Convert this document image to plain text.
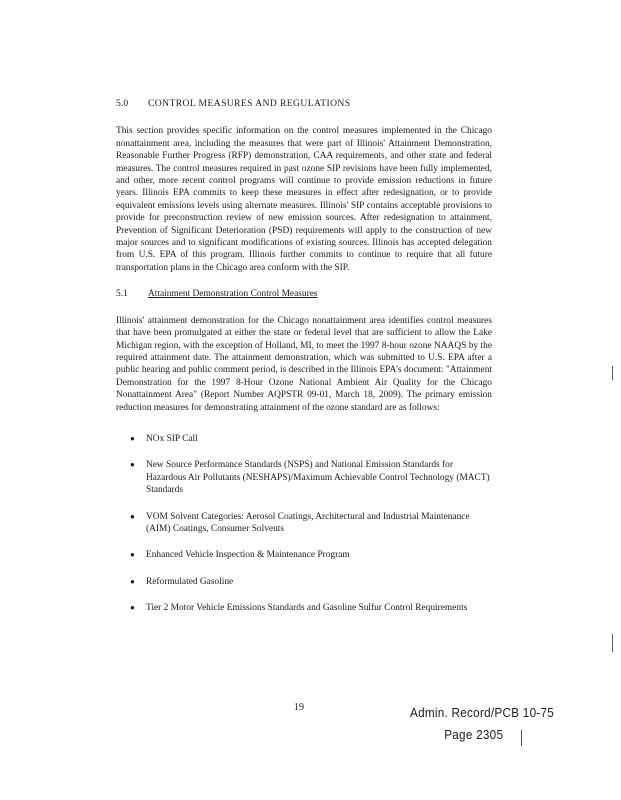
5.0	CONTROL MEASURES AND REGULATIONS

This section provides specific information on the control measures implemented in the Chicago nonattainment area, including the measures that were part of Illinois' Attainment Demonstration, Reasonable Further Progress (RFP) demonstration, CAA requirements, and other state and federal measures. The control measures required in past ozone SIP revisions have been fully implemented, and other, more recent control programs will continue to provide emission reductions in future years. Illinois EPA commits to keep these measures in effect after redesignation, or to provide equivalent emissions levels using alternate measures. Illinois' SIP contains acceptable provisions to provide for preconstruction review of new emission sources. After redesignation to attainment, Prevention of Significant Deterioration (PSD) requirements will apply to the construction of new major sources and to significant modifications of existing sources. Illinois has accepted delegation from U.S. EPA of this program. Illinois further commits to continue to require that all future transportation plans in the Chicago area conform with the SIP.

5.1	Attainment Demonstration Control Measures

Illinois' attainment demonstration for the Chicago nonattainment area identifies control measures that have been promulgated at either the state or federal level that are sufficient to allow the Lake Michigan region, with the exception of Holland, MI, to meet the 1997 8-hour ozone NAAQS by the required attainment date. The attainment demonstration, which was submitted to U.S. EPA after a public hearing and public comment period, is described in the Illinois EPA's document: "Attainment Demonstration for the 1997 8-Hour Ozone National Ambient Air Quality for the Chicago Nonattainment Area" (Report Number AQPSTR 09-01, March 18, 2009). The primary emission reduction measures for demonstrating attainment of the ozone standard are as follows:

●	NOx SIP Call
●	New Source Performance Standards (NSPS) and National Emission Standards for Hazardous Air Pollutants (NESHAPS)/Maximum Achievable Control Technology (MACT) Standards
●	VOM Solvent Categories: Aerosol Coatings, Architectural and Industrial Maintenance (AIM) Coatings, Consumer Solvents
●	Enhanced Vehicle Inspection & Maintenance Program
●	Reformulated Gasoline
●	Tier 2 Motor Vehicle Emissions Standards and Gasoline Sulfur Control Requirements
19	Admin. Record/PCB 10-75
Page 2305
